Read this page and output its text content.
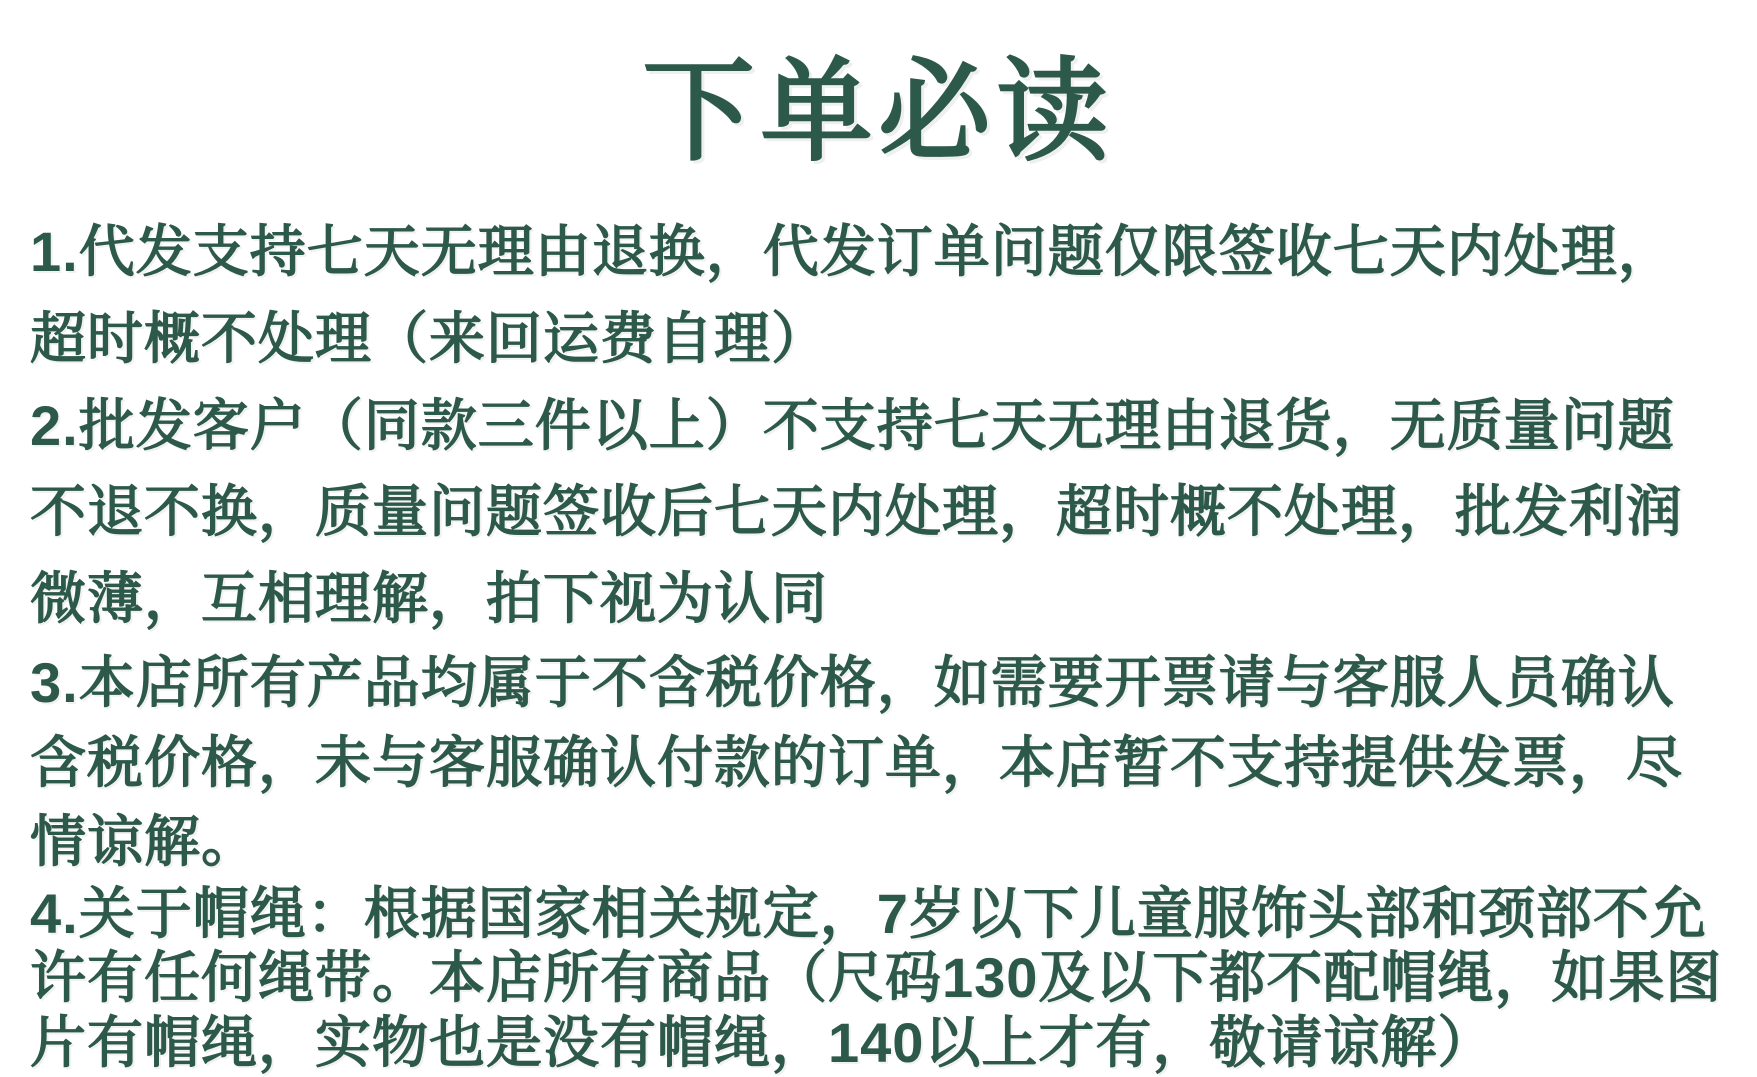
下单必读

1.代发支持七天无理由退换，代发订单问题仅限签收七天内处理，超时概不处理（来回运费自理）

2.批发客户（同款三件以上）不支持七天无理由退货，无质量问题不退不换，质量问题签收后七天内处理，超时概不处理，批发利润微薄，互相理解，拍下视为认同

3.本店所有产品均属于不含税价格，如需要开票请与客服人员确认含税价格，未与客服确认付款的订单，本店暂不支持提供发票，尽情谅解。

4.关于帽绳：根据国家相关规定，7岁以下儿童服饰头部和颈部不允许有任何绳带。本店所有商品（尺码130及以下都不配帽绳，如果图片有帽绳，实物也是没有帽绳，140以上才有，敬请谅解）
